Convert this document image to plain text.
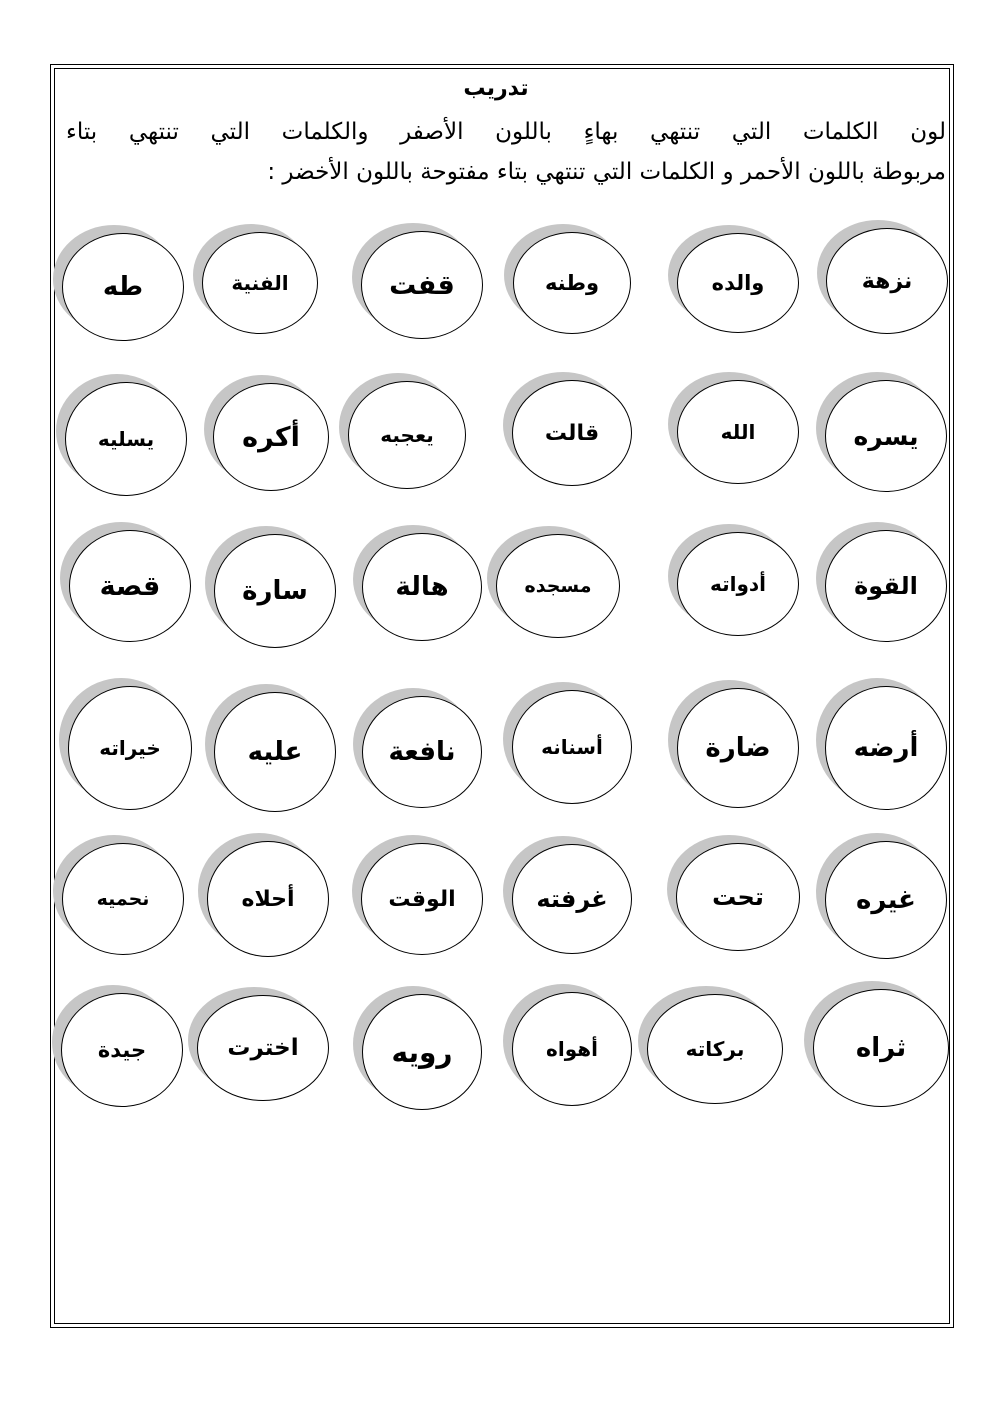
تدريب
لون الكلمات التي تنتهي بهاءٍ باللون الأصفر والكلمات التي تنتهي بتاء
مربوطة باللون الأحمر و الكلمات التي تنتهي بتاء مفتوحة باللون الأخضر :
نزهة
والده
وطنه
قفت
الفنية
طه
يسره
الله
قالت
يعجبه
أكره
يسليه
القوة
أدواته
مسجده
هالة
سارة
قصة
أرضه
ضارة
أسنانه
نافعة
عليه
خيراته
غيره
تحت
غرفته
الوقت
أحلاه
نحميه
ثراه
بركاته
أهواه
رويه
اخترت
جيدة
